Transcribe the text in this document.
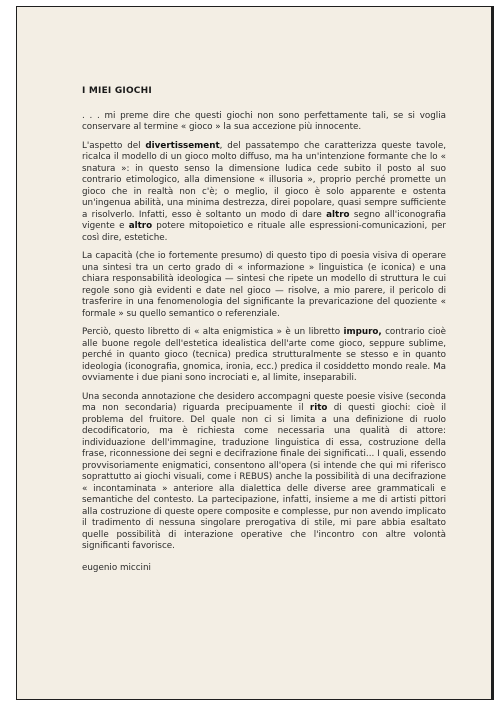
I MIEI GIOCHI

. . . mi preme dire che questi giochi non sono perfettamente tali, se si voglia conservare al termine « gioco » la sua accezione più innocente.

L'aspetto del divertissement, del passatempo che caratterizza queste tavole, ricalca il modello di un gioco molto diffuso, ma ha un'intenzione formante che lo « snatura »: in questo senso la dimensione ludica cede subito il posto al suo contrario etimologico, alla dimensione « illusoria », proprio perché promette un gioco che in realtà non c'è; o meglio, il gioco è solo apparente e ostenta un'ingenua abilità, una minima destrezza, direi popolare, quasi sempre sufficiente a risolverlo. Infatti, esso è soltanto un modo di dare altro segno all'iconografia vigente e altro potere mitopoietico e rituale alle espressioni-comunicazioni, per così dire, estetiche.

La capacità (che io fortemente presumo) di questo tipo di poesia visiva di operare una sintesi tra un certo grado di « informazione » linguistica (e iconica) e una chiara responsabilità ideologica — sintesi che ripete un modello di struttura le cui regole sono già evidenti e date nel gioco — risolve, a mio parere, il pericolo di trasferire in una fenomenologia del significante la prevaricazione del quoziente « formale » su quello semantico o referenziale.

Perciò, questo libretto di « alta enigmistica » è un libretto impuro, contrario cioè alle buone regole dell'estetica idealistica dell'arte come gioco, seppure sublime, perché in quanto gioco (tecnica) predica strutturalmente se stesso e in quanto ideologia (iconografia, gnomica, ironia, ecc.) predica il cosiddetto mondo reale. Ma ovviamente i due piani sono incrociati e, al limite, inseparabili.

Una seconda annotazione che desidero accompagni queste poesie visive (seconda ma non secondaria) riguarda precipuamente il rito di questi giochi: cioè il problema del fruitore. Del quale non ci si limita a una definizione di ruolo decodificatorio, ma è richiesta come necessaria una qualità di attore: individuazione dell'immagine, traduzione linguistica di essa, costruzione della frase, riconnessione dei segni e decifrazione finale dei significati... I quali, essendo provvisoriamente enigmatici, consentono all'opera (si intende che qui mi riferisco soprattutto ai giochi visuali, come i REBUS) anche la possibilità di una decifrazione « incontaminata » anteriore alla dialettica delle diverse aree grammaticali e semantiche del contesto. La partecipazione, infatti, insieme a me di artisti pittori alla costruzione di queste opere composite e complesse, pur non avendo implicato il tradimento di nessuna singolare prerogativa di stile, mi pare abbia esaltato quelle possibilità di interazione operative che l'incontro con altre volontà significanti favorisce.

eugenio miccini
